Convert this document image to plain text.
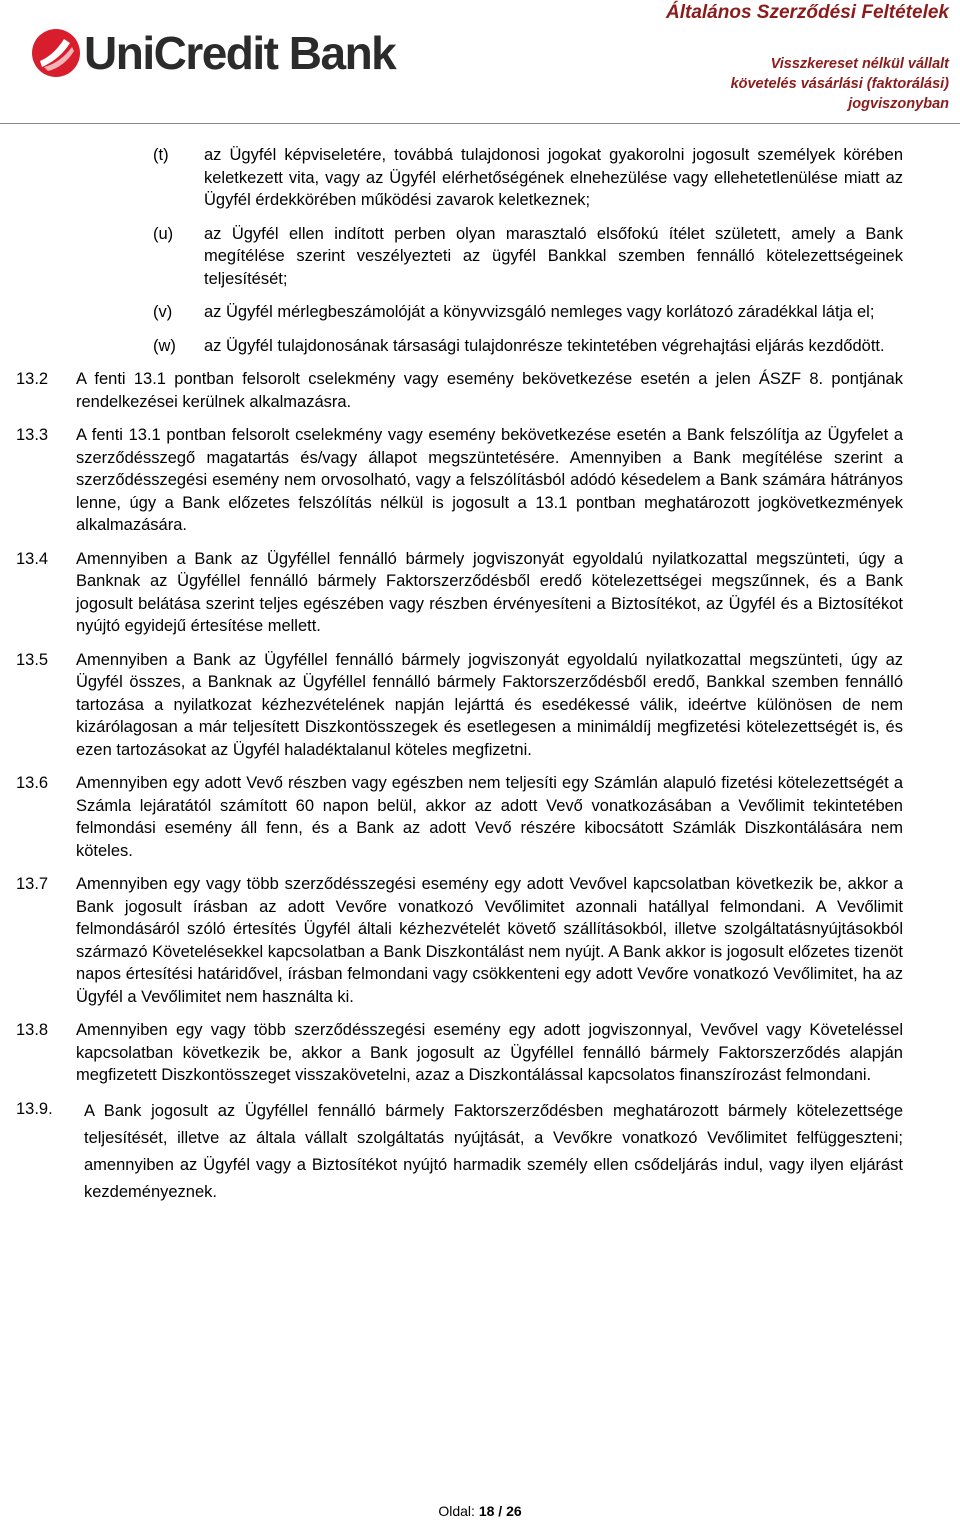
UniCredit Bank
Általános Szerződési Feltételek
Visszkereset nélkül vállalt
követelés vásárlási (faktorálási)
jogviszonyban
(t)	az Ügyfél képviseletére, továbbá tulajdonosi jogokat gyakorolni jogosult személyek körében keletkezett vita, vagy az Ügyfél elérhetőségének elnehezülése vagy ellehetetlenülése miatt az Ügyfél érdekkörében működési zavarok keletkeznek;
(u)	az Ügyfél ellen indított perben olyan marasztaló elsőfokú ítélet született, amely a Bank megítélése szerint veszélyezteti az ügyfél Bankkal szemben fennálló kötelezettségeinek teljesítését;
(v)	az Ügyfél mérlegbeszámolóját a könyvvizsgáló nemleges vagy korlátozó záradékkal látja el;
(w)	az Ügyfél tulajdonosának társasági tulajdonrésze tekintetében végrehajtási eljárás kezdődött.
13.2	A fenti 13.1 pontban felsorolt cselekmény vagy esemény bekövetkezése esetén a jelen ÁSZF 8. pontjának rendelkezései kerülnek alkalmazásra.
13.3	A fenti 13.1 pontban felsorolt cselekmény vagy esemény bekövetkezése esetén a Bank felszólítja az Ügyfelet a szerződésszegő magatartás és/vagy állapot megszüntetésére. Amennyiben a Bank megítélése szerint a szerződésszegési esemény nem orvosolható, vagy a felszólításból adódó késedelem a Bank számára hátrányos lenne, úgy a Bank előzetes felszólítás nélkül is jogosult a 13.1 pontban meghatározott jogkövetkezmények alkalmazására.
13.4	Amennyiben a Bank az Ügyféllel fennálló bármely jogviszonyát egyoldalú nyilatkozattal megszünteti, úgy a Banknak az Ügyféllel fennálló bármely Faktorszerződésből eredő kötelezettségei megszűnnek, és a Bank jogosult belátása szerint teljes egészében vagy részben érvényesíteni a Biztosítékot, az Ügyfél és a Biztosítékot nyújtó egyidejű értesítése mellett.
13.5	Amennyiben a Bank az Ügyféllel fennálló bármely jogviszonyát egyoldalú nyilatkozattal megszünteti, úgy az Ügyfél összes, a Banknak az Ügyféllel fennálló bármely Faktorszerződésből eredő, Bankkal szemben fennálló tartozása a nyilatkozat kézhezvételének napján lejárttá és esedékessé válik, ideértve különösen de nem kizárólagosan a már teljesített Diszkontösszegek és esetlegesen a minimáldíj megfizetési kötelezettségét is, és ezen tartozásokat az Ügyfél haladéktalanul köteles megfizetni.
13.6	Amennyiben egy adott Vevő részben vagy egészben nem teljesíti egy Számlán alapuló fizetési kötelezettségét a Számla lejáratától számított 60 napon belül, akkor az adott Vevő vonatkozásában a Vevőlimit tekintetében felmondási esemény áll fenn, és a Bank az adott Vevő részére kibocsátott Számlák Diszkontálására nem köteles.
13.7	Amennyiben egy vagy több szerződésszegési esemény egy adott Vevővel kapcsolatban következik be, akkor a Bank jogosult írásban az adott Vevőre vonatkozó Vevőlimitet azonnali hatállyal felmondani. A Vevőlimit felmondásáról szóló értesítés Ügyfél általi kézhezvételét követő szállításokból, illetve szolgáltatásnyújtásokból származó Követelésekkel kapcsolatban a Bank Diszkontálást nem nyújt. A Bank akkor is jogosult előzetes tizenöt napos értesítési határidővel, írásban felmondani vagy csökkenteni egy adott Vevőre vonatkozó Vevőlimitet, ha az Ügyfél a Vevőlimitet nem használta ki.
13.8	Amennyiben egy vagy több szerződésszegési esemény egy adott jogviszonnyal, Vevővel vagy Követeléssel kapcsolatban következik be, akkor a Bank jogosult az Ügyféllel fennálló bármely Faktorszerződés alapján megfizetett Diszkontösszeget visszakövetelni, azaz a Diszkontálással kapcsolatos finanszírozást felmondani.
13.9.	A Bank jogosult az Ügyféllel fennálló bármely Faktorszerződésben meghatározott bármely kötelezettsége teljesítését, illetve az általa vállalt szolgáltatás nyújtását, a Vevőkre vonatkozó Vevőlimitet felfüggeszteni; amennyiben az Ügyfél vagy a Biztosítékot nyújtó harmadik személy ellen csődeljárás indul, vagy ilyen eljárást kezdeményeznek.
Oldal: 18 / 26
